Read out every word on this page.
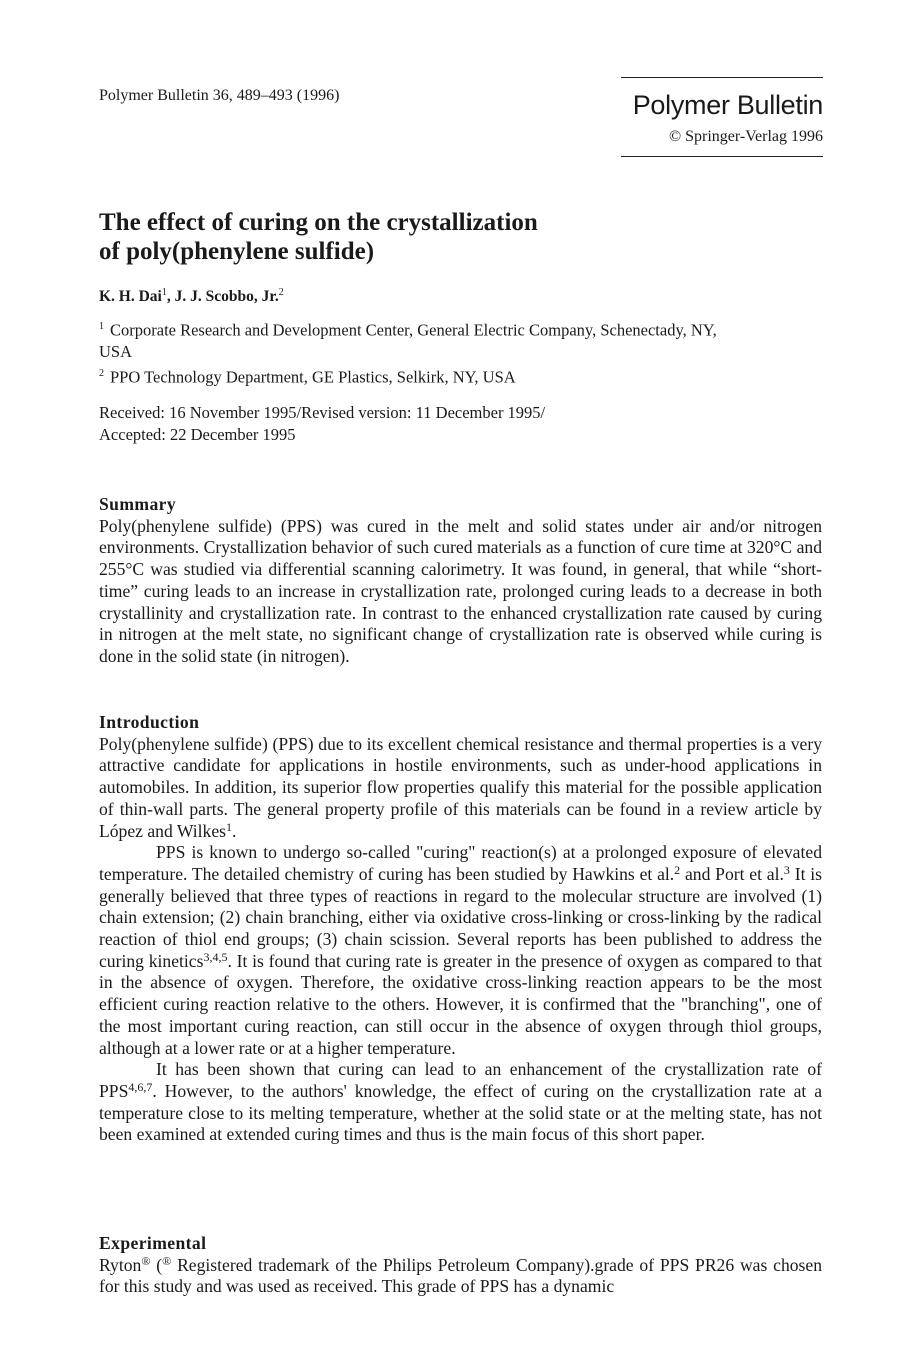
Polymer Bulletin 36, 489–493 (1996)	Polymer Bulletin
© Springer-Verlag 1996
The effect of curing on the crystallization
of poly(phenylene sulfide)
K. H. Dai$^1$, J. J. Scobbo, Jr.$^2$
$^1$ Corporate Research and Development Center, General Electric Company, Schenectady, NY, USA
$^2$ PPO Technology Department, GE Plastics, Selkirk, NY, USA
Received: 16 November 1995/Revised version: 11 December 1995/
Accepted: 22 December 1995
Summary

Poly(phenylene sulfide) (PPS) was cured in the melt and solid states under air and/or nitrogen environments. Crystallization behavior of such cured materials as a function of cure time at 320°C and 255°C was studied via differential scanning calorimetry. It was found, in general, that while “short-time” curing leads to an increase in crystallization rate, prolonged curing leads to a decrease in both crystallinity and crystallization rate. In contrast to the enhanced crystallization rate caused by curing in nitrogen at the melt state, no significant change of crystallization rate is observed while curing is done in the solid state (in nitrogen).

Introduction

Poly(phenylene sulfide) (PPS) due to its excellent chemical resistance and thermal properties is a very attractive candidate for applications in hostile environments, such as under-hood applications in automobiles. In addition, its superior flow properties qualify this material for the possible application of thin-wall parts. The general property profile of this materials can be found in a review article by López and Wilkes$^1$.

PPS is known to undergo so-called "curing" reaction(s) at a prolonged exposure of elevated temperature. The detailed chemistry of curing has been studied by Hawkins et al.$^2$ and Port et al.$^3$ It is generally believed that three types of reactions in regard to the molecular structure are involved (1) chain extension; (2) chain branching, either via oxidative cross-linking or cross-linking by the radical reaction of thiol end groups; (3) chain scission. Several reports has been published to address the curing kinetics$^{3,4,5}$. It is found that curing rate is greater in the presence of oxygen as compared to that in the absence of oxygen. Therefore, the oxidative cross-linking reaction appears to be the most efficient curing reaction relative to the others. However, it is confirmed that the "branching", one of the most important curing reaction, can still occur in the absence of oxygen through thiol groups, although at a lower rate or at a higher temperature.

It has been shown that curing can lead to an enhancement of the crystallization rate of PPS$^{4,6,7}$. However, to the authors' knowledge, the effect of curing on the crystallization rate at a temperature close to its melting temperature, whether at the solid state or at the melting state, has not been examined at extended curing times and thus is the main focus of this short paper.

Experimental

Ryton® (® Registered trademark of the Philips Petroleum Company).grade of PPS PR26 was chosen for this study and was used as received. This grade of PPS has a dynamic
